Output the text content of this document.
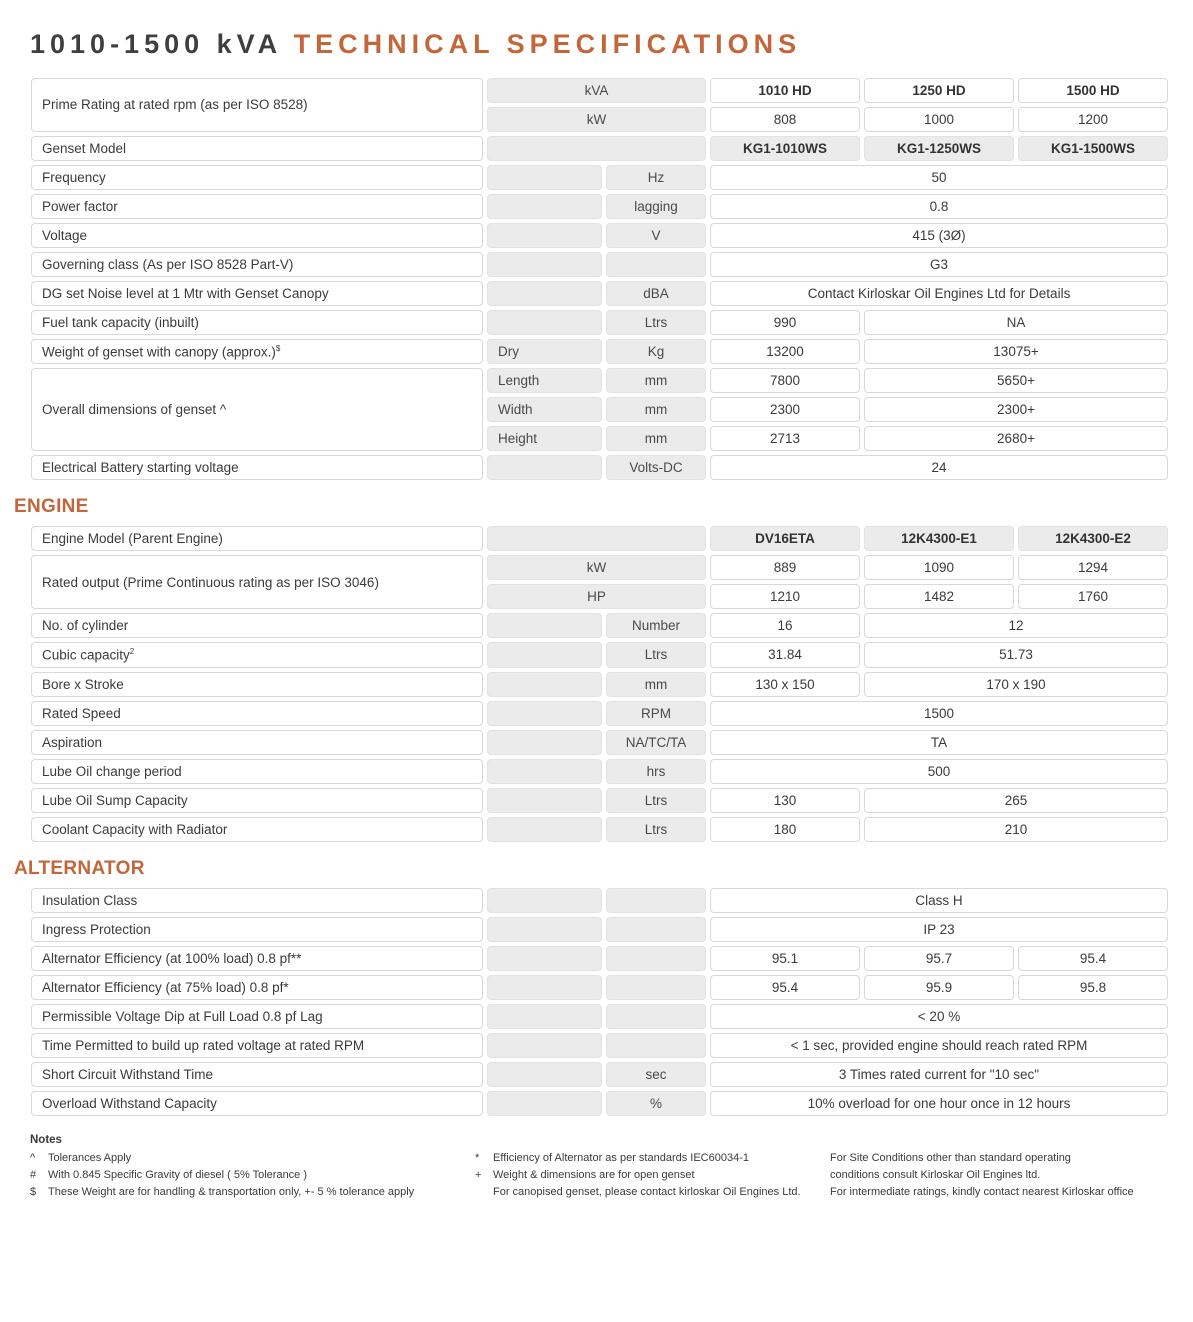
1010-1500 kVA TECHNICAL SPECIFICATIONS
Prime Rating at rated rpm (as per ISO 8528)	kVA		1010 HD	1250 HD	1500 HD
	kW		808	1000	1200
Genset Model			KG1-1010WS	KG1-1250WS	KG1-1500WS
Frequency		Hz	50		
Power factor		lagging	0.8		
Voltage		V	415 (3Ø)		
Governing class (As per ISO 8528 Part-V)			G3		
DG set Noise level at 1 Mtr with Genset Canopy		dBA	Contact Kirloskar Oil Engines Ltd for Details		
Fuel tank capacity (inbuilt)		Ltrs	990	NA	
Weight of genset with canopy (approx.)$	Dry	Kg	13200	13075+	
Overall dimensions of genset ^	Length	mm	7800	5650+	
	Width	mm	2300	2300+	
	Height	mm	2713	2680+	
Electrical Battery starting voltage		Volts-DC	24		
ENGINE
Engine Model (Parent Engine)			DV16ETA	12K4300-E1	12K4300-E2
Rated output (Prime Continuous rating as per ISO 3046)	kW		889	1090	1294
	HP		1210	1482	1760
No. of cylinder		Number	16	12	
Cubic capacity$^2$		Ltrs	31.84	51.73	
Bore x Stroke		mm	130 x 150	170 x 190	
Rated Speed		RPM	1500		
Aspiration		NA/TC/TA	TA		
Lube Oil change period		hrs	500		
Lube Oil Sump Capacity		Ltrs	130	265	
Coolant Capacity with Radiator		Ltrs	180	210	
ALTERNATOR
Insulation Class			Class H		
Ingress Protection			IP 23		
Alternator Efficiency (at 100% load) 0.8 pf**			95.1	95.7	95.4
Alternator Efficiency (at 75% load) 0.8 pf*			95.4	95.9	95.8
Permissible Voltage Dip at Full Load 0.8 pf Lag			< 20 %		
Time Permitted to build up rated voltage at rated RPM			< 1 sec, provided engine should reach rated RPM		
Short Circuit Withstand Time		sec	3 Times rated current for "10 sec"		
Overload Withstand Capacity		%	10% overload for one hour once in 12 hours		
Notes
^	Tolerances Apply
#	With 0.845 Specific Gravity of diesel ( 5% Tolerance )
$	These Weight are for handling & transportation only, +- 5 % tolerance apply
*	Efficiency of Alternator as per standards IEC60034-1
+	Weight & dimensions are for open genset
For canopised genset, please contact kirloskar Oil Engines Ltd.
For Site Conditions other than standard operating
conditions consult Kirloskar Oil Engines ltd.
For intermediate ratings, kindly contact nearest Kirloskar office
